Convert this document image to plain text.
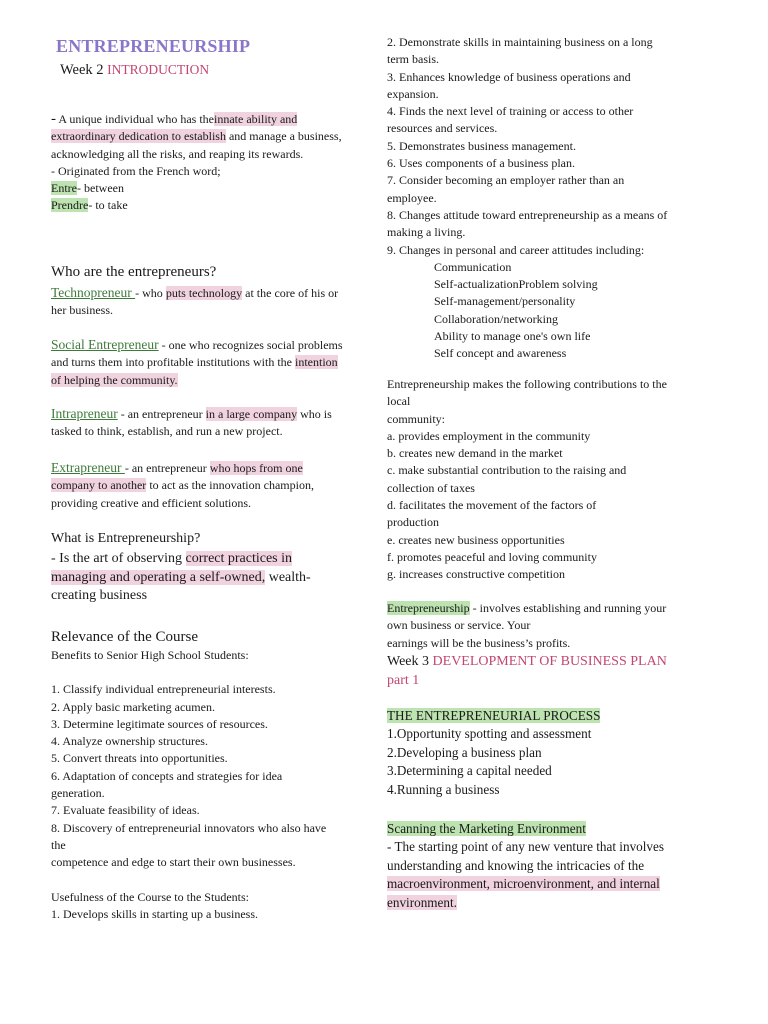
ENTREPRENEURSHIP
Week 2 INTRODUCTION

- A unique individual who has theinnate ability and extraordinary dedication to establish and manage a business, acknowledging all the risks, and reaping its rewards.

- Originated from the French word;

Entre- between

Prendre- to take

Who are the entrepreneurs?

Technopreneur - who puts technology at the core of his or her business.

Social Entrepreneur - one who recognizes social problems and turns them into profitable institutions with the intention of helping the community.

Intrapreneur - an entrepreneur in a large company who is tasked to think, establish, and run a new project.

Extrapreneur - an entrepreneur who hops from one company to another to act as the innovation champion, providing creative and efficient solutions.

What is Entrepreneurship?

- Is the art of observing correct practices in managing and operating a self-owned, wealth-creating business

Relevance of the Course

Benefits to Senior High School Students:

1. Classify individual entrepreneurial interests.

2. Apply basic marketing acumen.

3. Determine legitimate sources of resources.

4. Analyze ownership structures.

5. Convert threats into opportunities.

6. Adaptation of concepts and strategies for idea generation.

7. Evaluate feasibility of ideas.

8. Discovery of entrepreneurial innovators who also have the

competence and edge to start their own businesses.

Usefulness of the Course to the Students:

1. Develops skills in starting up a business.

2. Demonstrate skills in maintaining business on a long term basis.

3. Enhances knowledge of business operations and expansion.

4. Finds the next level of training or access to other resources and services.

5. Demonstrates business management.

6. Uses components of a business plan.

7. Consider becoming an employer rather than an employee.

8. Changes attitude toward entrepreneurship as a means of making a living.

9. Changes in personal and career attitudes including:

Communication

Self-actualizationProblem solving

Self-management/personality

Collaboration/networking

Ability to manage one's own life

Self concept and awareness

Entrepreneurship makes the following contributions to the local

community:

a. provides employment in the community

b. creates new demand in the market

c. make substantial contribution to the raising and collection of taxes

d. facilitates the movement of the factors of production

e. creates new business opportunities

f. promotes peaceful and loving community

g. increases constructive competition

Entrepreneurship - involves establishing and running your own business or service. Your

earnings will be the business’s profits.

Week 3 DEVELOPMENT OF BUSINESS PLAN part 1

THE ENTREPRENEURIAL PROCESS

1.Opportunity spotting and assessment

2.Developing a business plan

3.Determining a capital needed

4.Running a business

Scanning the Marketing Environment

- The starting point of any new venture that involves understanding and knowing the intricacies of the macroenvironment, microenvironment, and internal environment.
